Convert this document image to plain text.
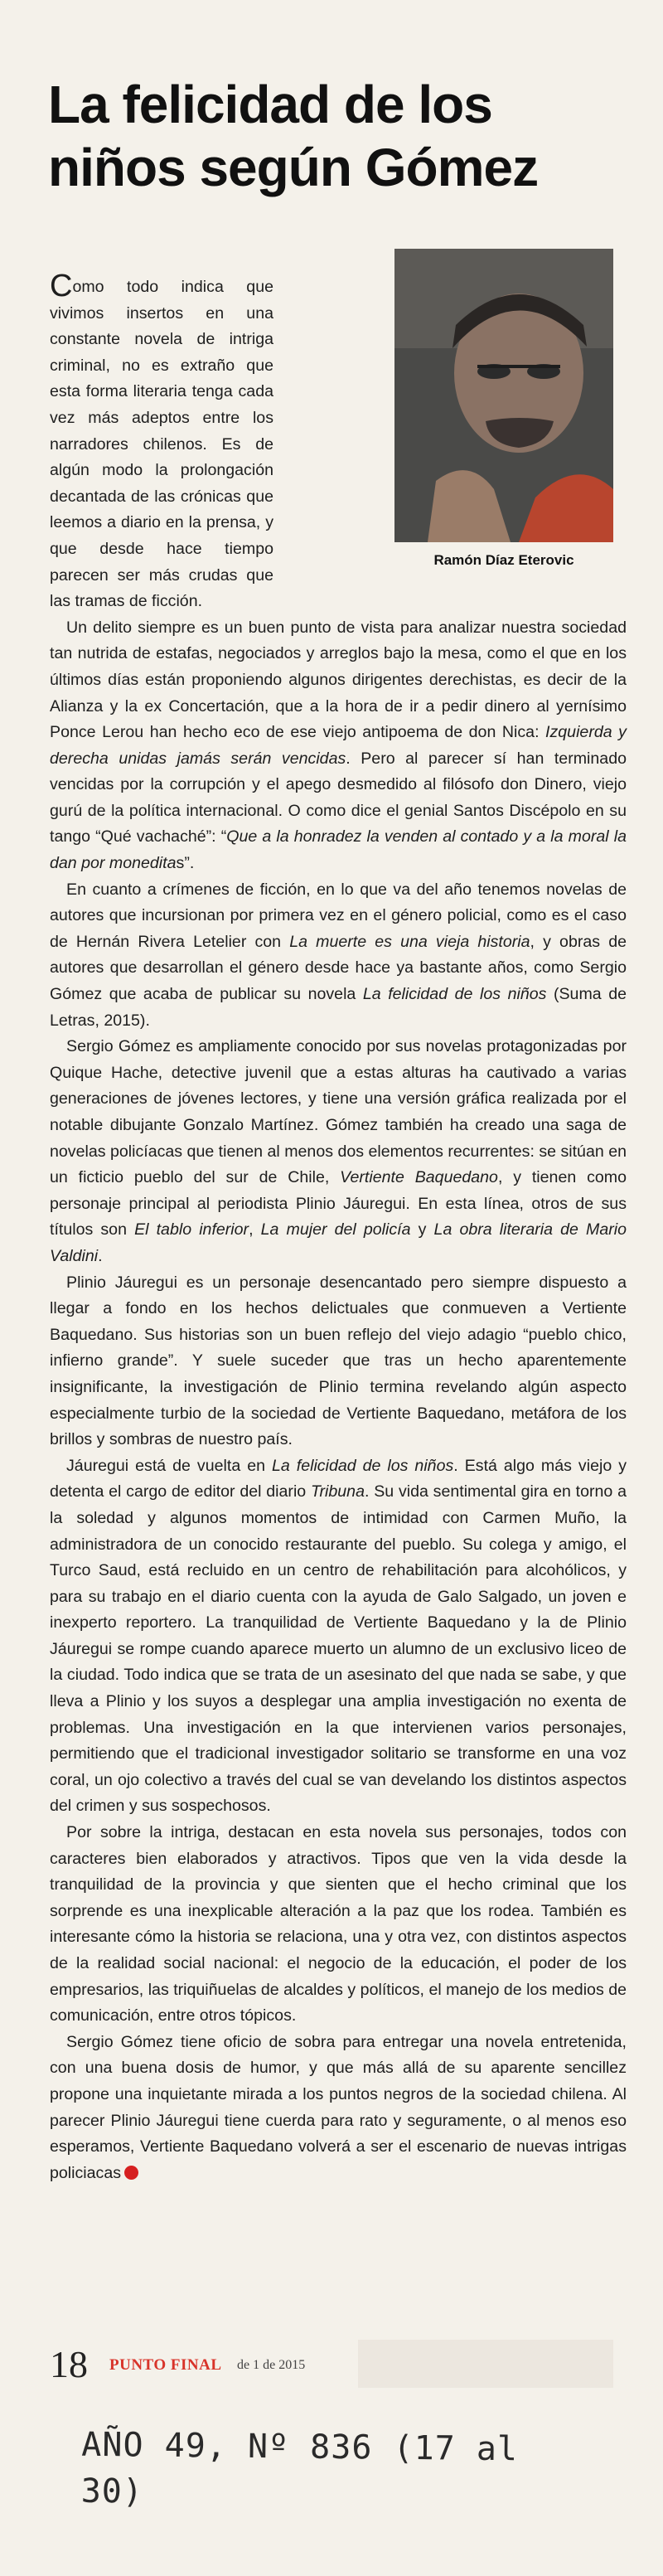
La felicidad de los
niños según Gómez
Ramón Díaz Eterovic

Como todo indica que vivimos insertos en una constante novela de intriga criminal, no es extraño que esta forma literaria tenga cada vez más adeptos entre los narradores chilenos. Es de algún modo la prolongación decantada de las crónicas que leemos a diario en la prensa, y que desde hace tiempo parecen ser más crudas que las tramas de ficción.

Un delito siempre es un buen punto de vista para analizar nuestra sociedad tan nutrida de estafas, negociados y arreglos bajo la mesa, como el que en los últimos días están proponiendo algunos dirigentes derechistas, es decir de la Alianza y la ex Concertación, que a la hora de ir a pedir dinero al yernísimo Ponce Lerou han hecho eco de ese viejo antipoema de don Nica: Izquierda y derecha unidas jamás serán vencidas. Pero al parecer sí han terminado vencidas por la corrupción y el apego desmedido al filósofo don Dinero, viejo gurú de la política internacional. O como dice el genial Santos Discépolo en su tango “Qué vachaché”: “Que a la honradez la venden al contado y a la moral la dan por moneditas”.

En cuanto a crímenes de ficción, en lo que va del año tenemos novelas de autores que incursionan por primera vez en el género policial, como es el caso de Hernán Rivera Letelier con La muerte es una vieja historia, y obras de autores que desarrollan el género desde hace ya bastante años, como Sergio Gómez que acaba de publicar su novela La felicidad de los niños (Suma de Letras, 2015).

Sergio Gómez es ampliamente conocido por sus novelas protagonizadas por Quique Hache, detective juvenil que a estas alturas ha cautivado a varias generaciones de jóvenes lectores, y tiene una versión gráfica realizada por el notable dibujante Gonzalo Martínez. Gómez también ha creado una saga de novelas policíacas que tienen al menos dos elementos recurrentes: se sitúan en un ficticio pueblo del sur de Chile, Vertiente Baquedano, y tienen como personaje principal al periodista Plinio Jáuregui. En esta línea, otros de sus títulos son El tablo inferior, La mujer del policía y La obra literaria de Mario Valdini.

Plinio Jáuregui es un personaje desencantado pero siempre dispuesto a llegar a fondo en los hechos delictuales que conmueven a Vertiente Baquedano. Sus historias son un buen reflejo del viejo adagio “pueblo chico, infierno grande”. Y suele suceder que tras un hecho aparentemente insignificante, la investigación de Plinio termina revelando algún aspecto especialmente turbio de la sociedad de Vertiente Baquedano, metáfora de los brillos y sombras de nuestro país.

Jáuregui está de vuelta en La felicidad de los niños. Está algo más viejo y detenta el cargo de editor del diario Tribuna. Su vida sentimental gira en torno a la soledad y algunos momentos de intimidad con Carmen Muño, la administradora de un conocido restaurante del pueblo. Su colega y amigo, el Turco Saud, está recluido en un centro de rehabilitación para alcohólicos, y para su trabajo en el diario cuenta con la ayuda de Galo Salgado, un joven e inexperto reportero. La tranquilidad de Vertiente Baquedano y la de Plinio Jáuregui se rompe cuando aparece muerto un alumno de un exclusivo liceo de la ciudad. Todo indica que se trata de un asesinato del que nada se sabe, y que lleva a Plinio y los suyos a desplegar una amplia investigación no exenta de problemas. Una investigación en la que intervienen varios personajes, permitiendo que el tradicional investigador solitario se transforme en una voz coral, un ojo colectivo a través del cual se van develando los distintos aspectos del crimen y sus sospechosos.

Por sobre la intriga, destacan en esta novela sus personajes, todos con caracteres bien elaborados y atractivos. Tipos que ven la vida desde la tranquilidad de la provincia y que sienten que el hecho criminal que los sorprende es una inexplicable alteración a la paz que los rodea. También es interesante cómo la historia se relaciona, una y otra vez, con distintos aspectos de la realidad social nacional: el negocio de la educación, el poder de los empresarios, las triquiñuelas de alcaldes y políticos, el manejo de los medios de comunicación, entre otros tópicos.

Sergio Gómez tiene oficio de sobra para entregar una novela entretenida, con una buena dosis de humor, y que más allá de su aparente sencillez propone una inquietante mirada a los puntos negros de la sociedad chilena. Al parecer Plinio Jáuregui tiene cuerda para rato y seguramente, o al menos eso esperamos, Vertiente Baquedano volverá a ser el escenario de nuevas intrigas policiacas

18 PUNTO FINAL de 1 de 2015
AÑO 49, Nº 836 (17 al 30)
